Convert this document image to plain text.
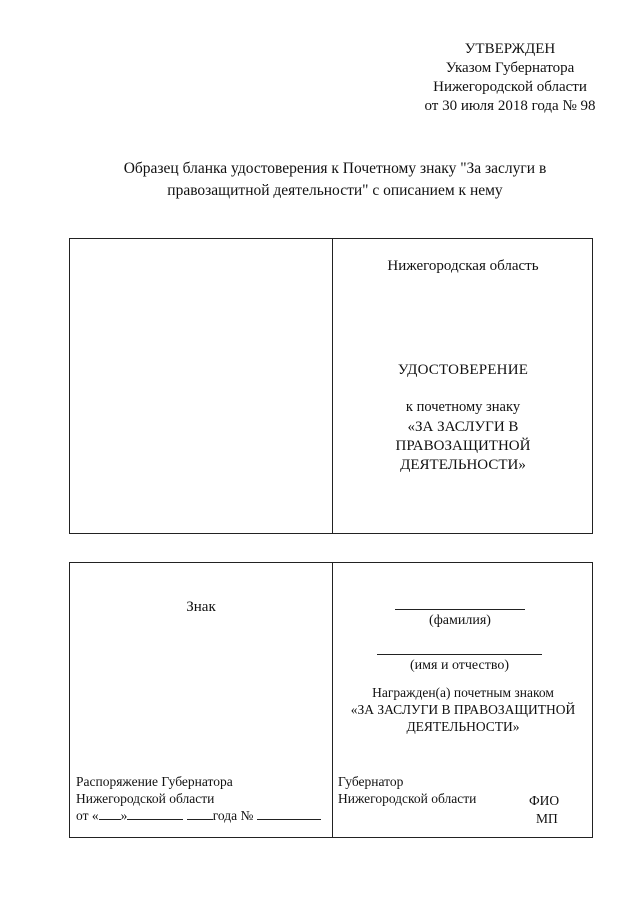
УТВЕРЖДЕН
Указом Губернатора
Нижегородской области
от 30 июля 2018 года № 98
Образец бланка удостоверения к Почетному знаку "За заслуги в
правозащитной деятельности" с описанием к нему
Нижегородская область
УДОСТОВЕРЕНИЕ
к почетному знаку
«ЗА ЗАСЛУГИ В
ПРАВОЗАЩИТНОЙ
ДЕЯТЕЛЬНОСТИ»
Знак
(фамилия)
(имя и отчество)
Награжден(а) почетным знаком
«ЗА ЗАСЛУГИ В ПРАВОЗАЩИТНОЙ
ДЕЯТЕЛЬНОСТИ»
Распоряжение Губернатора
Нижегородской области
от « »	года №
Губернатор
Нижегородской области	ФИО
МП
